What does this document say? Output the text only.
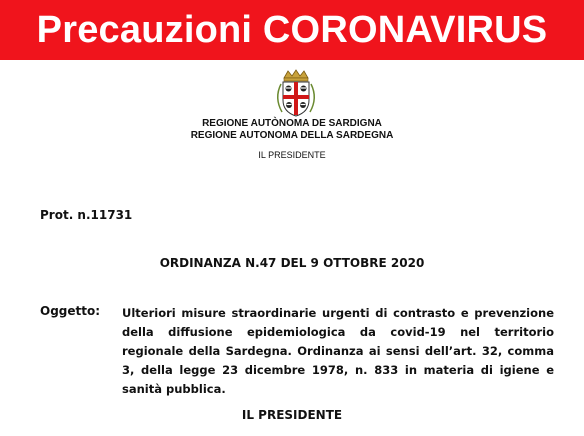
Precauzioni CORONAVIRUS
REGIONE AUTÒNOMA DE SARDIGNA
REGIONE AUTONOMA DELLA SARDEGNA
IL PRESIDENTE
Prot. n.11731
ORDINANZA N.47 DEL 9 OTTOBRE 2020
Oggetto: Ulteriori misure straordinarie urgenti di contrasto e prevenzione della diffusione epidemiologica da covid-19 nel territorio regionale della Sardegna. Ordinanza ai sensi dell’art. 32, comma 3, della legge 23 dicembre 1978, n. 833 in materia di igiene e sanità pubblica.
IL PRESIDENTE
